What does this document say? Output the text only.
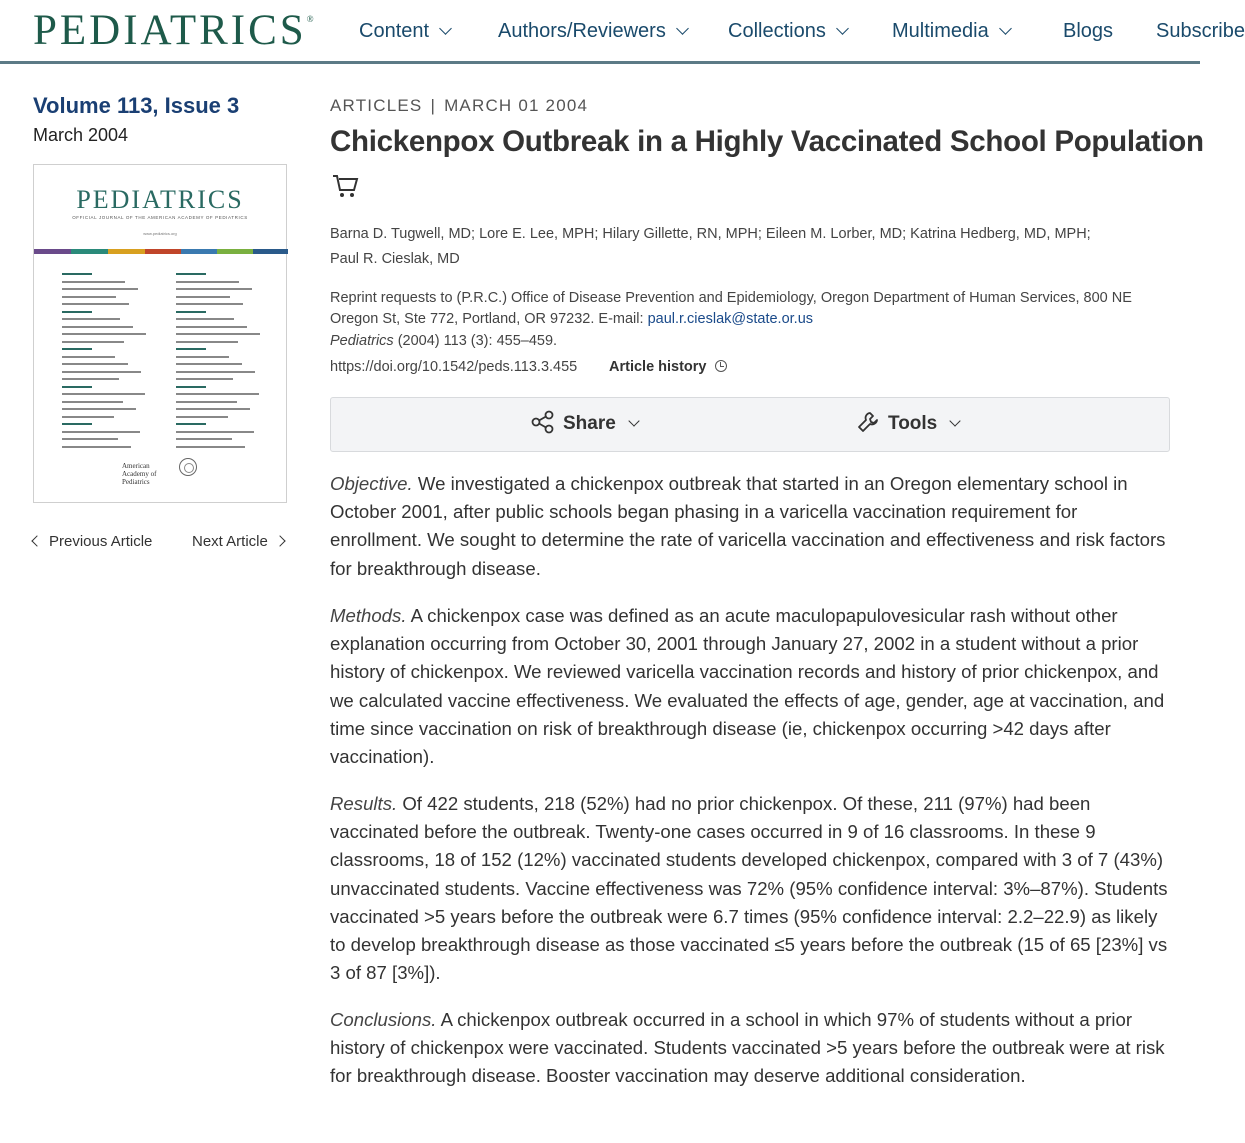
PEDIATRICS®
Content	Authors/Reviewers	Collections	Multimedia	Blogs Subscribe
Volume 113, Issue 3
March 2004
PEDIATRICS
OFFICIAL JOURNAL OF THE AMERICAN ACADEMY OF PEDIATRICS
www.pediatrics.org
American Academy of Pediatrics
Previous Article	Next Article
ARTICLES | MARCH 01 2004
Chickenpox Outbreak in a Highly Vaccinated School Population
Barna D. Tugwell, MD; Lore E. Lee, MPH; Hilary Gillette, RN, MPH; Eileen M. Lorber, MD; Katrina Hedberg, MD, MPH;
Paul R. Cieslak, MD
Reprint requests to (P.R.C.) Office of Disease Prevention and Epidemiology, Oregon Department of Human Services, 800 NE Oregon St, Ste 772, Portland, OR 97232. E-mail: paul.r.cieslak@state.or.us
Pediatrics (2004) 113 (3): 455–459.
https://doi.org/10.1542/peds.113.3.455 Article history
Share	Tools
Objective. We investigated a chickenpox outbreak that started in an Oregon elementary school in October 2001, after public schools began phasing in a varicella vaccination requirement for enrollment. We sought to determine the rate of varicella vaccination and effectiveness and risk factors for breakthrough disease.
Methods. A chickenpox case was defined as an acute maculopapulovesicular rash without other explanation occurring from October 30, 2001 through January 27, 2002 in a student without a prior history of chickenpox. We reviewed varicella vaccination records and history of prior chickenpox, and we calculated vaccine effectiveness. We evaluated the effects of age, gender, age at vaccination, and time since vaccination on risk of breakthrough disease (ie, chickenpox occurring >42 days after vaccination).
Results. Of 422 students, 218 (52%) had no prior chickenpox. Of these, 211 (97%) had been vaccinated before the outbreak. Twenty-one cases occurred in 9 of 16 classrooms. In these 9 classrooms, 18 of 152 (12%) vaccinated students developed chickenpox, compared with 3 of 7 (43%) unvaccinated students. Vaccine effectiveness was 72% (95% confidence interval: 3%–87%). Students vaccinated >5 years before the outbreak were 6.7 times (95% confidence interval: 2.2–22.9) as likely to develop breakthrough disease as those vaccinated ≤5 years before the outbreak (15 of 65 [23%] vs 3 of 87 [3%]).
Conclusions. A chickenpox outbreak occurred in a school in which 97% of students without a prior history of chickenpox were vaccinated. Students vaccinated >5 years before the outbreak were at risk for breakthrough disease. Booster vaccination may deserve additional consideration.
